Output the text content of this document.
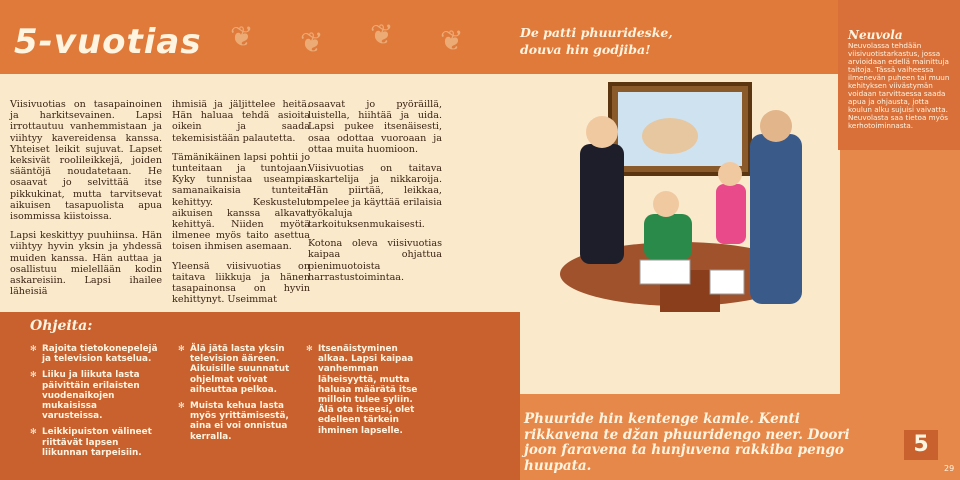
❦ ❦ ❦ ❦
5-vuotias	De patti phuurideske, douva hin godjiba!

Viisivuotias on tasapainoinen ja harkitsevainen. Lapsi irrottautuu vanhemmistaan ja viihtyy kavereidensa kanssa. Yhteiset leikit sujuvat. Lapset keksivät roolileikkejä, joiden sääntöjä noudatetaan. He osaavat jo selvittää itse pikkukinat, mutta tarvitsevat aikuisen tasapuolista apua isommissa kiistoissa.

Lapsi keskittyy puuhiinsa. Hän viihtyy hyvin yksin ja yhdessä muiden kanssa. Hän auttaa ja osallistuu mielellään kodin askareisiin. Lapsi ihailee läheisiä

ihmisiä ja jäljittelee heitä. Hän haluaa tehdä asioita oikein ja saada tekemisistään palautetta.

Tämänikäinen lapsi pohtii jo tunteitaan ja tuntojaan. Kyky tunnistaa useampia samanaikaisia tunteita kehittyy. Keskustelut aikuisen kanssa alkavat kehittyä. Niiden myötä ilmenee myös taito asettua toisen ihmisen asemaan.

Yleensä viisivuotias on taitava liikkuja ja hänen tasapainonsa on hyvin kehittynyt. Useimmat

osaavat jo pyöräillä, luistella, hiihtää ja uida. Lapsi pukee itsenäisesti, osaa odottaa vuoroaan ja ottaa muita huomioon.

Viisivuotias on taitava askartelija ja nikkaroija. Hän piirtää, leikkaa, ompelee ja käyttää erilaisia työkaluja tarkoituksenmukaisesti.

Kotona oleva viisivuotias kaipaa ohjattua pienimuotoista harrastustoimintaa.

Neuvola
Neuvolassa tehdään viisivuotistarkastus, jossa arvioidaan edellä mainittuja taitoja. Tässä vaiheessa ilmenevän puheen tai muun kehityksen viivästymän voidaan tarvittaessa saada apua ja ohjausta, jotta koulun alku sujuisi vaivatta. Neuvolasta saa tietoa myös kerhotoiminnasta.
Ohjeita:
✻ Rajoita tietokonepelejä ja television katselua.
✻ Liiku ja liikuta lasta päivittäin erilaisten vuodenaikojen mukaisissa varusteissa.
✻ Leikkipuiston välineet riittävät lapsen liikunnan tarpeisiin.
✻ Älä jätä lasta yksin television ääreen. Aikuisille suunnatut ohjelmat voivat aiheuttaa pelkoa.
✻ Muista kehua lasta myös yrittämisestä, aina ei voi onnistua kerralla.
✻ Itsenäistyminen alkaa. Lapsi kaipaa vanhemman läheisyyttä, mutta haluaa määrätä itse milloin tulee syliin. Älä ota itseesi, olet edelleen tärkein ihminen lapselle.
Phuuride hin kentenge kamle. Kenti rikkavena te džan phuuridengo neer. Doori joon faravena ta hunjuvena rakkiba pengo huupata.
5
29
